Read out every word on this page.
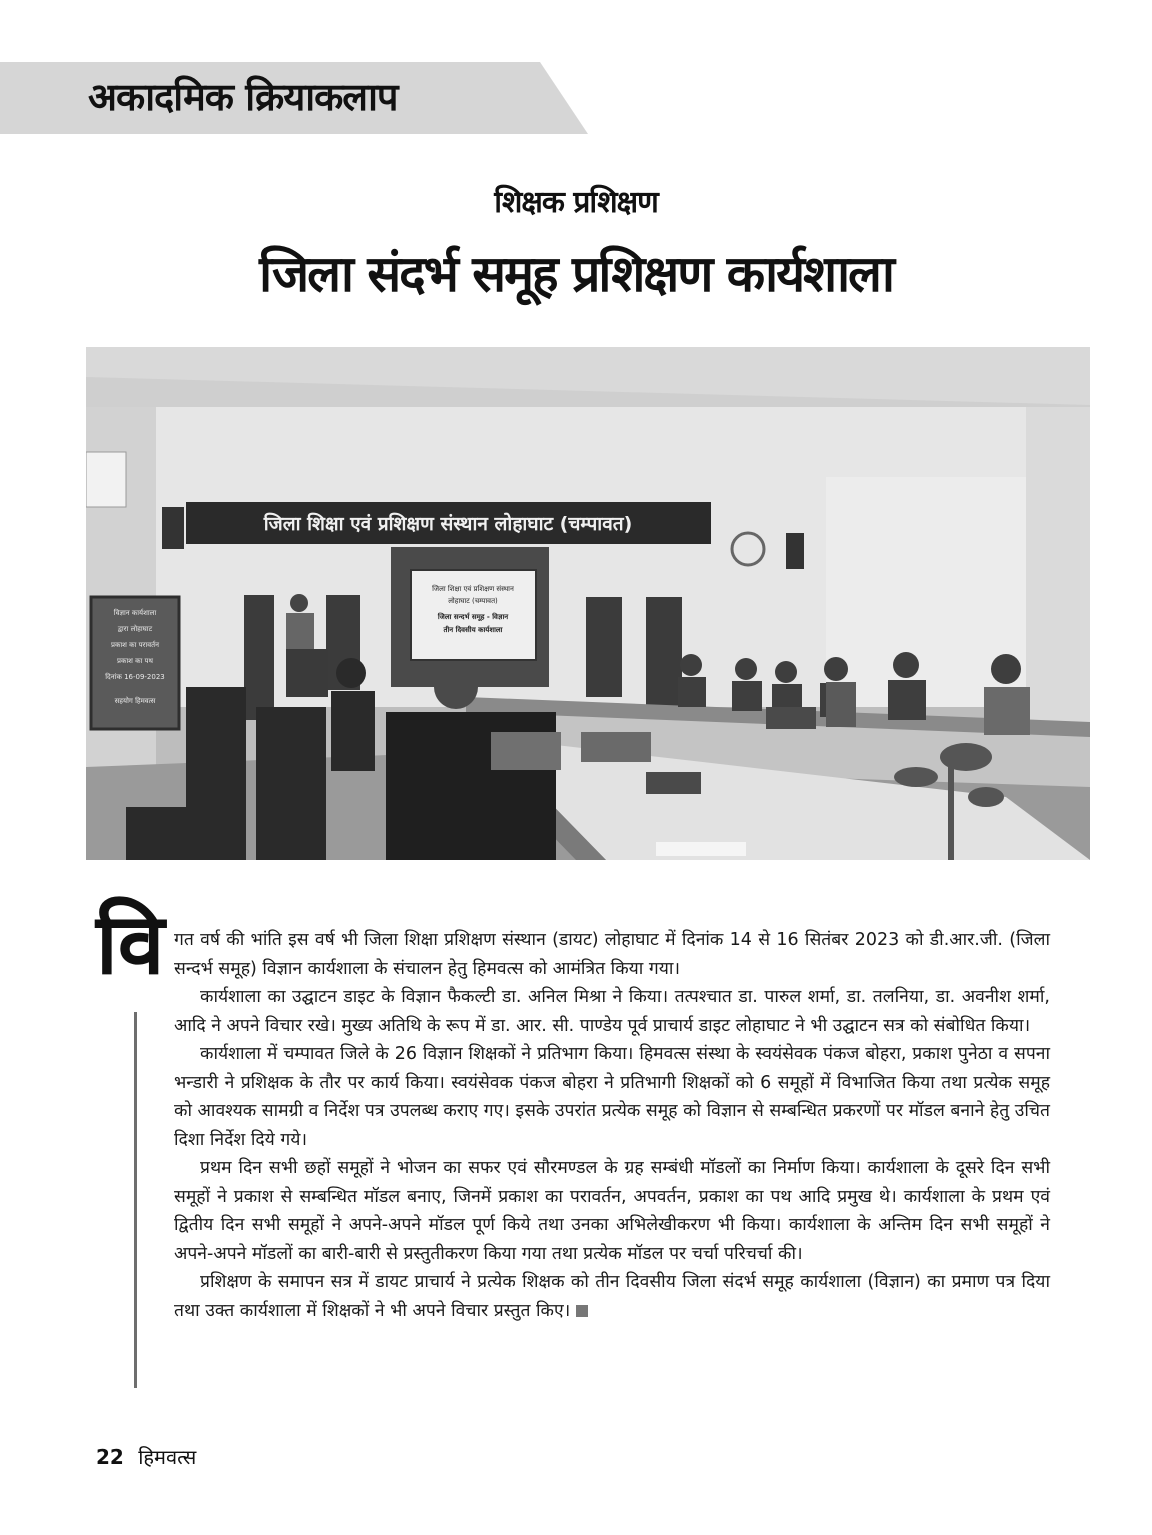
अकादमिक क्रियाकलाप
शिक्षक प्रशिक्षण
जिला संदर्भ समूह प्रशिक्षण कार्यशाला
जिला शिक्षा एवं प्रशिक्षण संस्थान लोहाघाट (चम्पावत)
जिला शिक्षा एवं प्रशिक्षण संस्थान
लोहाघाट (चम्पावत)
जिला सन्दर्भ समूह - विज्ञान
तीन दिवसीय कार्यशाला
विज्ञान कार्यशाला
द्वारा लोहाघाट
प्रकाश का परावर्तन
प्रकाश का पथ
दिनांक 16-09-2023
सहयोग हिमवत्स
वि गत वर्ष की भांति इस वर्ष भी जिला शिक्षा प्रशिक्षण संस्थान (डायट) लोहाघाट में दिनांक 14 से 16 सितंबर 2023 को डी.आर.जी. (जिला सन्दर्भ समूह) विज्ञान कार्यशाला के संचालन हेतु हिमवत्स को आमंत्रित किया गया।

कार्यशाला का उद्घाटन डाइट के विज्ञान फैकल्टी डा. अनिल मिश्रा ने किया। तत्पश्चात डा. पारुल शर्मा, डा. तलनिया, डा. अवनीश शर्मा, आदि ने अपने विचार रखे। मुख्य अतिथि के रूप में डा. आर. सी. पाण्डेय पूर्व प्राचार्य डाइट लोहाघाट ने भी उद्घाटन सत्र को संबोधित किया।

कार्यशाला में चम्पावत जिले के 26 विज्ञान शिक्षकों ने प्रतिभाग किया। हिमवत्स संस्था के स्वयंसेवक पंकज बोहरा, प्रकाश पुनेठा व सपना भन्डारी ने प्रशिक्षक के तौर पर कार्य किया। स्वयंसेवक पंकज बोहरा ने प्रतिभागी शिक्षकों को 6 समूहों में विभाजित किया तथा प्रत्येक समूह को आवश्यक सामग्री व निर्देश पत्र उपलब्ध कराए गए। इसके उपरांत प्रत्येक समूह को विज्ञान से सम्बन्धित प्रकरणों पर मॉडल बनाने हेतु उचित दिशा निर्देश दिये गये।

प्रथम दिन सभी छहों समूहों ने भोजन का सफर एवं सौरमण्डल के ग्रह सम्बंधी मॉडलों का निर्माण किया। कार्यशाला के दूसरे दिन सभी समूहों ने प्रकाश से सम्बन्धित मॉडल बनाए, जिनमें प्रकाश का परावर्तन, अपवर्तन, प्रकाश का पथ आदि प्रमुख थे। कार्यशाला के प्रथम एवं द्वितीय दिन सभी समूहों ने अपने-अपने मॉडल पूर्ण किये तथा उनका अभिलेखीकरण भी किया। कार्यशाला के अन्तिम दिन सभी समूहों ने अपने-अपने मॉडलों का बारी-बारी से प्रस्तुतीकरण किया गया तथा प्रत्येक मॉडल पर चर्चा परिचर्चा की।

प्रशिक्षण के समापन सत्र में डायट प्राचार्य ने प्रत्येक शिक्षक को तीन दिवसीय जिला संदर्भ समूह कार्यशाला (विज्ञान) का प्रमाण पत्र दिया तथा उक्त कार्यशाला में शिक्षकों ने भी अपने विचार प्रस्तुत किए।

22 हिमवत्स
